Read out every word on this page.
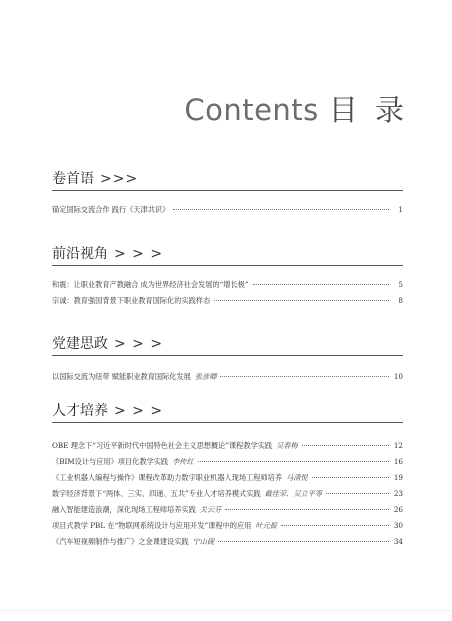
Contents 目 录
卷首语 >>>
锚定国际交流合作 践行《天津共识》	1
前沿视角 > > >
和震：让职业教育产教融合 成为世界经济社会发展的“增长极”	5
宗诚：教育强国背景下职业教育国际化的实践样态	8
党建思政 > > >
以国际交流为纽带 赋能职业教育国际化发展 张彦卿	10
人才培养 > > >
OBE 理念下“习近平新时代中国特色社会主义思想概论”课程教学实践 吴春梅	12
《BIM设计与应用》项目化教学实践 李传红	16
《工业机器人编程与操作》课程改革助力数字职业机器人现场工程师培养 马清悦	19
数字经济背景下“两体、三实、四递、五共”专业人才培养模式实践 戴佳荣、吴立平等	23
融入智能建造浪潮，深化现场工程师培养实践 关云芬	26
项目式教学 PBL 在“物联网系统设计与应用开发”课程中的应用 叶元振	30
《汽车短视频制作与推广》之金课建设实践 宁山砚	34
